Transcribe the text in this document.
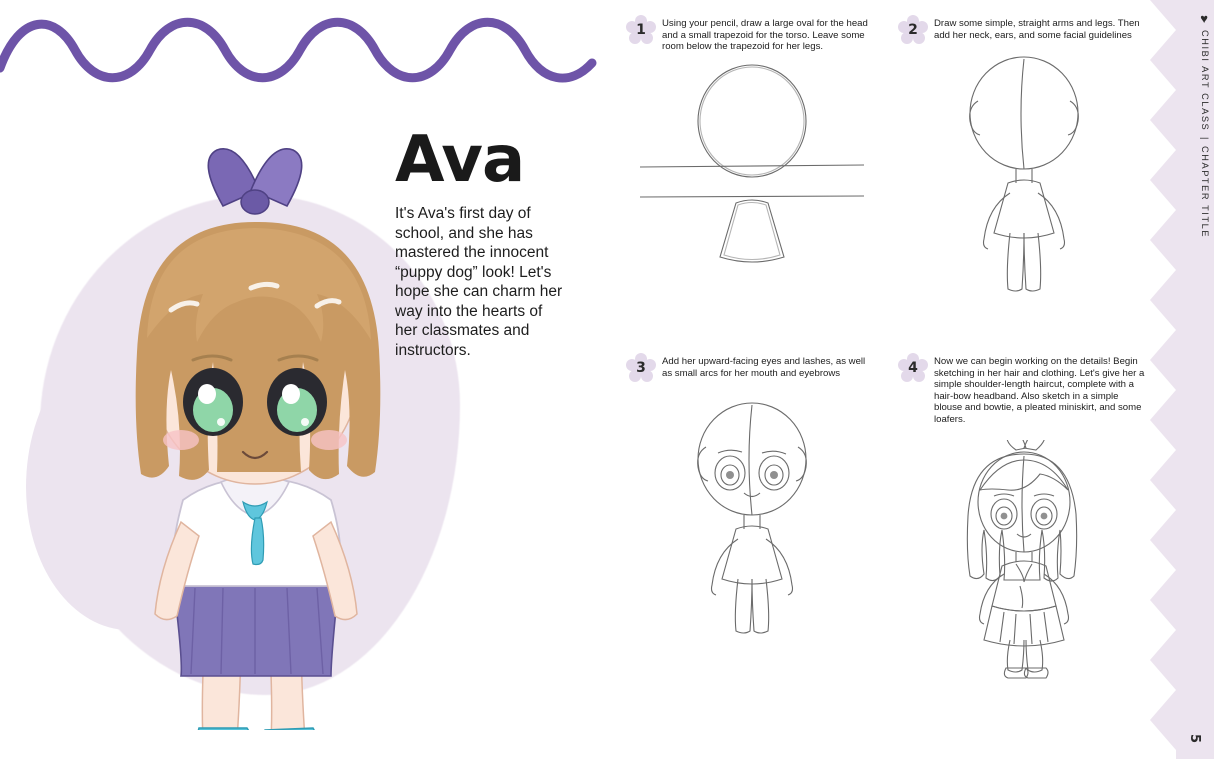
Ava

It's Ava's first day of school, and she has mastered the innocent “puppy dog” look! Let's hope she can charm her way into the hearts of her classmates and instructors.

1	Using your pencil, draw a large oval for the head and a small trapezoid for the torso. Leave some room below the trapezoid for her legs.
2	Draw some simple, straight arms and legs. Then add her neck, ears, and some facial guidelines
3	Add her upward-facing eyes and lashes, as well as small arcs for her mouth and eyebrows	4	Now we can begin working on the details! Begin sketching in her hair and clothing. Let's give her a simple shoulder-length haircut, complete with a hair-bow headband. Also sketch in a simple blouse and bowtie, a pleated miniskirt, and some loafers.
♥
CHIBI ART CLASS
|
CHAPTER TITLE
5
